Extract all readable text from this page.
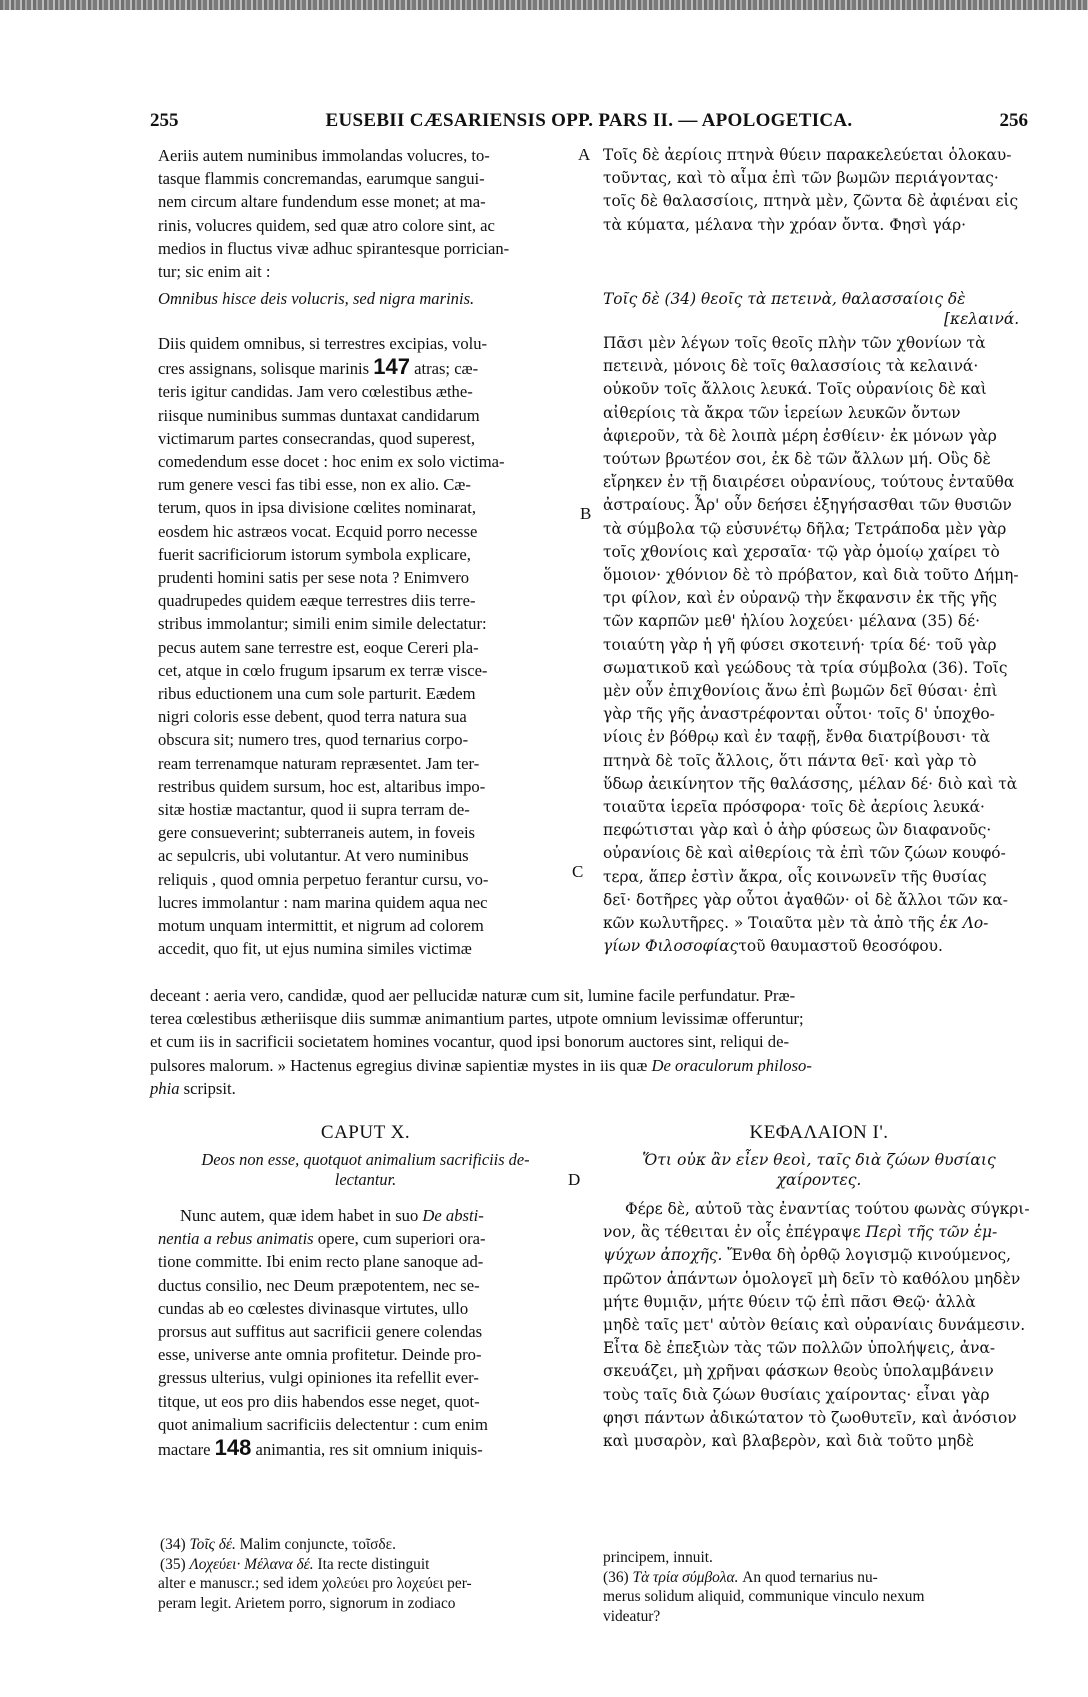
255	EUSEBII CÆSARIENSIS OPP. PARS II. — APOLOGETICA.	256
A
B
C
D

Aeriis autem numinibus immolandas volucres, to-

tasque flammis concremandas, earumque sangui-

nem circum altare fundendum esse monet; at ma-

rinis, volucres quidem, sed quæ atro colore sint, ac

medios in fluctus vivæ adhuc spirantesque porrician-

tur; sic enim ait :

Omnibus hisce deis volucris, sed nigra marinis.

Τοῖς δὲ ἀερίοις πτηνὰ θύειν παρακελεύεται ὁλοκαυ-

τοῦντας, καὶ τὸ αἷμα ἐπὶ τῶν βωμῶν περιάγοντας·

τοῖς δὲ θαλασσίοις, πτηνὰ μὲν, ζῶντα δὲ ἀφιέναι εἰς

τὰ κύματα, μέλανα τὴν χρόαν ὄντα. Φησὶ γάρ·

Τοῖς δὲ (34) θεοῖς τὰ πετεινὰ, θαλασσαίοις δὲ
[κελαινά.

Diis quidem omnibus, si terrestres excipias, volu-

cres assignans, solisque marinis 147 atras; cæ-

teris igitur candidas. Jam vero cœlestibus æthe-

riisque numinibus summas duntaxat candidarum

victimarum partes consecrandas, quod superest,

comedendum esse docet : hoc enim ex solo victima-

rum genere vesci fas tibi esse, non ex alio. Cæ-

terum, quos in ipsa divisione cœlites nominarat,

eosdem hic astræos vocat. Ecquid porro necesse

fuerit sacrificiorum istorum symbola explicare,

prudenti homini satis per sese nota ? Enimvero

quadrupedes quidem eæque terrestres diis terre-

stribus immolantur; simili enim simile delectatur:

pecus autem sane terrestre est, eoque Cereri pla-

cet, atque in cœlo frugum ipsarum ex terræ visce-

ribus eductionem una cum sole parturit. Eædem

nigri coloris esse debent, quod terra natura sua

obscura sit; numero tres, quod ternarius corpo-

ream terrenamque naturam repræsentet. Jam ter-

restribus quidem sursum, hoc est, altaribus impo-

sitæ hostiæ mactantur, quod ii supra terram de-

gere consueverint; subterraneis autem, in foveis

ac sepulcris, ubi volutantur. At vero numinibus

reliquis , quod omnia perpetuo ferantur cursu, vo-

lucres immolantur : nam marina quidem aqua nec

motum unquam intermittit, et nigrum ad colorem

accedit, quo fit, ut ejus numina similes victimæ

Πᾶσι μὲν λέγων τοῖς θεοῖς πλὴν τῶν χθονίων τὰ

πετεινὰ, μόνοις δὲ τοῖς θαλασσίοις τὰ κελαινά·

οὐκοῦν τοῖς ἄλλοις λευκά. Τοῖς οὐρανίοις δὲ καὶ

αἰθερίοις τὰ ἄκρα τῶν ἱερείων λευκῶν ὄντων

ἀφιεροῦν, τὰ δὲ λοιπὰ μέρη ἐσθίειν· ἐκ μόνων γὰρ

τούτων βρωτέον σοι, ἐκ δὲ τῶν ἄλλων μή. Οὓς δὲ

εἴρηκεν ἐν τῇ διαιρέσει οὐρανίους, τούτους ἐνταῦθα

ἀστραίους. Ἆρ' οὖν δεήσει ἐξηγήσασθαι τῶν θυσιῶν

τὰ σύμβολα τῷ εὐσυνέτῳ δῆλα; Τετράποδα μὲν γὰρ

τοῖς χθονίοις καὶ χερσαῖα· τῷ γὰρ ὁμοίῳ χαίρει τὸ

ὅμοιον· χθόνιον δὲ τὸ πρόβατον, καὶ διὰ τοῦτο Δήμη-

τρι φίλον, καὶ ἐν οὐρανῷ τὴν ἔκφανσιν ἐκ τῆς γῆς

τῶν καρπῶν μεθ' ἡλίου λοχεύει· μέλανα (35) δέ·

τοιαύτη γὰρ ἡ γῆ φύσει σκοτεινή· τρία δέ· τοῦ γὰρ

σωματικοῦ καὶ γεώδους τὰ τρία σύμβολα (36). Τοῖς

μὲν οὖν ἐπιχθονίοις ἄνω ἐπὶ βωμῶν δεῖ θύσαι· ἐπὶ

γὰρ τῆς γῆς ἀναστρέφονται οὗτοι· τοῖς δ' ὑποχθο-

νίοις ἐν βόθρῳ καὶ ἐν ταφῇ, ἔνθα διατρίβουσι· τὰ

πτηνὰ δὲ τοῖς ἄλλοις, ὅτι πάντα θεῖ· καὶ γὰρ τὸ

ὕδωρ ἀεικίνητον τῆς θαλάσσης, μέλαν δέ· διὸ καὶ τὰ

τοιαῦτα ἱερεῖα πρόσφορα· τοῖς δὲ ἀερίοις λευκά·

πεφώτισται γὰρ καὶ ὁ ἀὴρ φύσεως ὢν διαφανοῦς·

οὐρανίοις δὲ καὶ αἰθερίοις τὰ ἐπὶ τῶν ζώων κουφό-

τερα, ἅπερ ἐστὶν ἄκρα, οἷς κοινωνεῖν τῆς θυσίας

δεῖ· δοτῆρες γὰρ οὗτοι ἀγαθῶν· οἱ δὲ ἄλλοι τῶν κα-

κῶν κωλυτῆρες. » Τοιαῦτα μὲν τὰ ἀπὸ τῆς ἐκ Λο-

γίων Φιλοσοφίαςτοῦ θαυμαστοῦ θεοσόφου.

deceant : aeria vero, candidæ, quod aer pellucidæ naturæ cum sit, lumine facile perfundatur. Præ-

terea cœlestibus ætheriisque diis summæ animantium partes, utpote omnium levissimæ offeruntur;

et cum iis in sacrificii societatem homines vocantur, quod ipsi bonorum auctores sint, reliqui de-

pulsores malorum. » Hactenus egregius divinæ sapientiæ mystes in iis quæ De oraculorum philoso-

phia scripsit.

CAPUT X.
Deos non esse, quotquot animalium sacrificiis de-
lectantur.
ΚΕΦΑΛΑΙΟΝ Ι'.
Ὅτι οὐκ ἂν εἶεν θεοὶ, ταῖς διὰ ζώων θυσίαις
χαίροντες.

Nunc autem, quæ idem habet in suo De absti-

nentia a rebus animatis opere, cum superiori ora-

tione committe. Ibi enim recto plane sanoque ad-

ductus consilio, nec Deum præpotentem, nec se-

cundas ab eo cœlestes divinasque virtutes, ullo

prorsus aut suffitus aut sacrificii genere colendas

esse, universe ante omnia profitetur. Deinde pro-

gressus ulterius, vulgi opiniones ita refellit ever-

titque, ut eos pro diis habendos esse neget, quot-

quot animalium sacrificiis delectentur : cum enim

mactare 148 animantia, res sit omnium iniquis-

Φέρε δὲ, αὐτοῦ τὰς ἐναντίας τούτου φωνὰς σύγκρι-

νον, ἃς τέθειται ἐν οἷς ἐπέγραψε Περὶ τῆς τῶν ἐμ-

ψύχων ἀποχῆς. Ἔνθα δὴ ὀρθῷ λογισμῷ κινούμενος,

πρῶτον ἁπάντων ὁμολογεῖ μὴ δεῖν τὸ καθόλου μηδὲν

μήτε θυμιᾷν, μήτε θύειν τῷ ἐπὶ πᾶσι Θεῷ· ἀλλὰ

μηδὲ ταῖς μετ' αὐτὸν θείαις καὶ οὐρανίαις δυνάμεσιν.

Εἶτα δὲ ἐπεξιὼν τὰς τῶν πολλῶν ὑπολήψεις, ἀνα-

σκευάζει, μὴ χρῆναι φάσκων θεοὺς ὑπολαμβάνειν

τοὺς ταῖς διὰ ζώων θυσίαις χαίροντας· εἶναι γὰρ

φησι πάντων ἀδικώτατον τὸ ζωοθυτεῖν, καὶ ἀνόσιον

καὶ μυσαρὸν, καὶ βλαβερὸν, καὶ διὰ τοῦτο μηδὲ

(34) Τοῖς δέ. Malim conjuncte, τοῖσδε.
(35) Λοχεύει· Μέλανα δέ. Ita recte distinguit
alter e manuscr.; sed idem χολεύει pro λοχεύει per-
peram legit. Arietem porro, signorum in zodiaco
principem, innuit.
(36) Τὰ τρία σύμβολα. An quod ternarius nu-
merus solidum aliquid, communique vinculo nexum
videatur?
